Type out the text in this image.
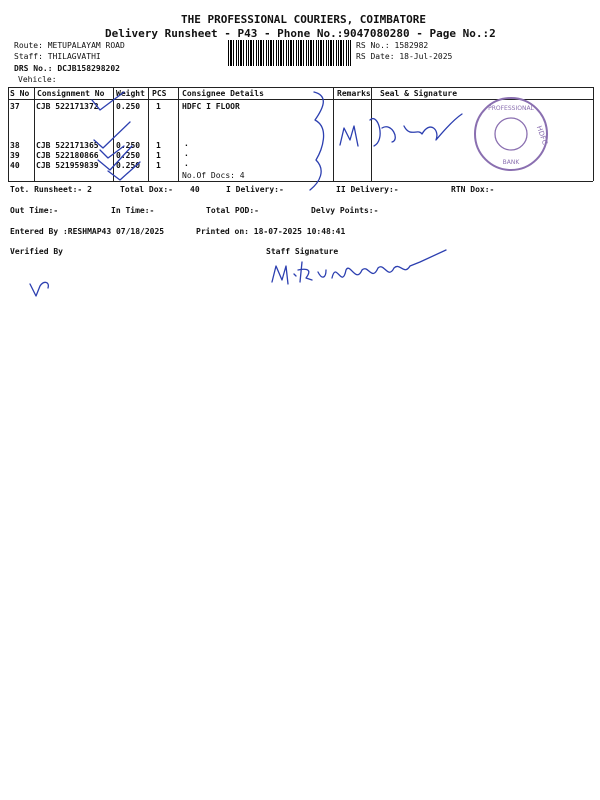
THE PROFESSIONAL COURIERS, COIMBATORE
Delivery Runsheet - P43 - Phone No.:9047080280 - Page No.:2
Route: METUPALAYAM ROAD
Staff: THILAGVATHI
DRS No.: DCJB158298202
Vehicle:
RS No.: 1582982
RS Date: 18-Jul-2025
S No Consignment No Weight PCS Consignee Details	Remarks Seal & Signature
37 CJB 522171372 0.250 1	HDFC I FLOOR
38 CJB 522171365 0.250 1	.
39 CJB 522180866 0.250 1	.
40 CJB 521959839 0.250 1	.
No.Of Docs: 4
Tot. Runsheet:- 2	Total Dox:- 40	I Delivery:-	II Delivery:-	RTN Dox:-
Out Time:-	In Time:-	Total POD:-	Delvy Points:-
Entered By :RESHMAP43 07/18/2025	Printed on: 18-07-2025 10:48:41
Verified By	Staff Signature
PROFESSIONAL
HDFC
BANK
